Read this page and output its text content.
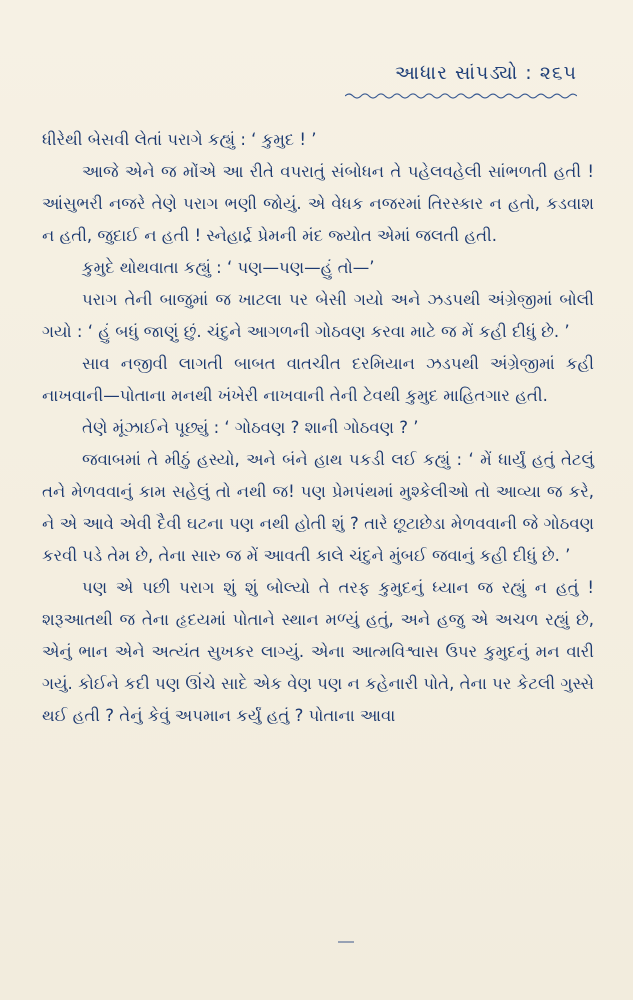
આધાર સાંપડ્યો : ૨૬૫

ધીરેથી બેસવી લેતાં પરાગે કહ્યું : ‘ કુમુદ ! ’

આજે એને જ મોંએ આ રીતે વપરાતું સંબોધન તે પહેલવહેલી સાંભળતી હતી ! આંસુભરી નજરે તેણે પરાગ ભણી જોયું. એ વેધક નજરમાં તિરસ્કાર ન હતો, કડવાશ ન હતી, જુદાઈ ન હતી ! સ્નેહાર્દ્ર પ્રેમની મંદ જ્યોત એમાં જલતી હતી.

કુમુદે થોથવાતા કહ્યું : ‘ પણ—પણ—હું તો—’

પરાગ તેની બાજુમાં જ ખાટલા પર બેસી ગયો અને ઝડપથી અંગ્રેજીમાં બોલી ગયો : ‘ હું બધું જાણું છું. ચંદુને આગળની ગોઠવણ કરવા માટે જ મેં કહી દીધું છે. ’

સાવ નજીવી લાગતી બાબત વાતચીત દરમિયાન ઝડપથી અંગ્રેજીમાં કહી નાખવાની—પોતાના મનથી ખંખેરી નાખવાની તેની ટેવથી કુમુદ માહિતગાર હતી.

તેણે મૂંઝાઈને પૂછ્યું : ‘ ગોઠવણ ? શાની ગોઠવણ ? ’

જવાબમાં તે મીઠું હસ્યો, અને બંને હાથ પકડી લઈ કહ્યું : ‘ મેં ધાર્યું હતું તેટલું તને મેળવવાનું કામ સહેલું તો નથી જ! પણ પ્રેમપંથમાં મુશ્કેલીઓ તો આવ્યા જ કરે, ને એ આવે એવી દૈવી ઘટના પણ નથી હોતી શું ? તારે છૂટાછેડા મેળવવાની જે ગોઠવણ કરવી પડે તેમ છે, તેના સારુ જ મેં આવતી કાલે ચંદુને મુંબઈ જવાનું કહી દીધું છે. ’

પણ એ પછી પરાગ શું શું બોલ્યો તે તરફ કુમુદનું ધ્યાન જ રહ્યું ન હતું ! શરૂઆતથી જ તેના હૃદયમાં પોતાને સ્થાન મળ્યું હતું, અને હજુ એ અચળ રહ્યું છે, એનું ભાન એને અત્યંત સુખકર લાગ્યું. એના આત્મવિશ્વાસ ઉપર કુમુદનું મન વારી ગયું. કોઈને કદી પણ ઊંચે સાદે એક વેણ પણ ન કહેનારી પોતે, તેના પર કેટલી ગુસ્સે થઈ હતી ? તેનું કેવું અપમાન કર્યું હતું ? પોતાના આવા
